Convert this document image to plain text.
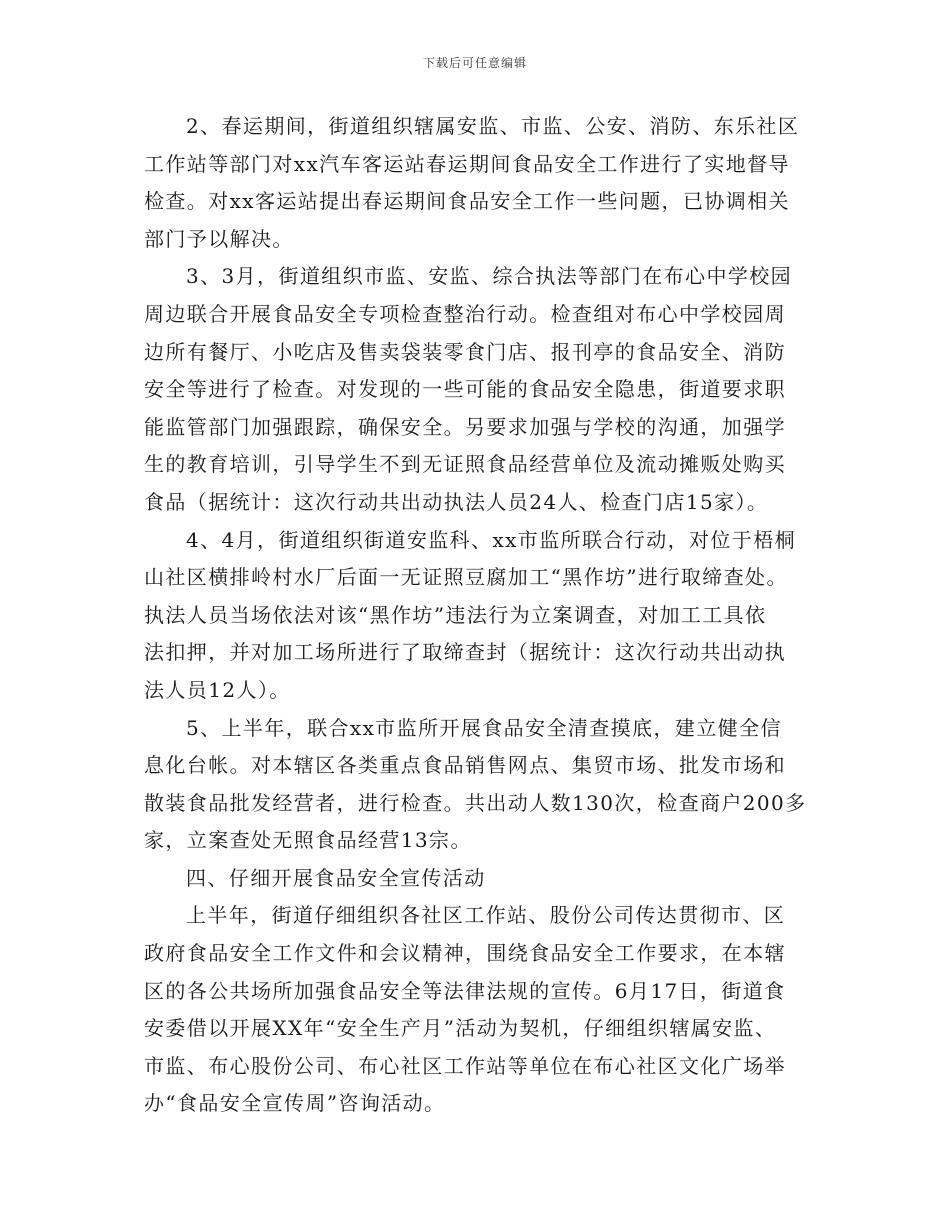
下载后可任意编辑
2、春运期间，街道组织辖属安监、市监、公安、消防、东乐社区
工作站等部门对xx汽车客运站春运期间食品安全工作进行了实地督导
检查。对xx客运站提出春运期间食品安全工作一些问题，已协调相关
部门予以解决。
3、3月，街道组织市监、安监、综合执法等部门在布心中学校园
周边联合开展食品安全专项检查整治行动。检查组对布心中学校园周
边所有餐厅、小吃店及售卖袋装零食门店、报刊亭的食品安全、消防
安全等进行了检查。对发现的一些可能的食品安全隐患，街道要求职
能监管部门加强跟踪，确保安全。另要求加强与学校的沟通，加强学
生的教育培训，引导学生不到无证照食品经营单位及流动摊贩处购买
食品（据统计：这次行动共出动执法人员24人、检查门店15家）。
4、4月，街道组织街道安监科、xx市监所联合行动，对位于梧桐
山社区横排岭村水厂后面一无证照豆腐加工“黑作坊”进行取缔查处。
执法人员当场依法对该“黑作坊”违法行为立案调查，对加工工具依
法扣押，并对加工场所进行了取缔查封（据统计：这次行动共出动执
法人员12人）。
5、上半年，联合xx市监所开展食品安全清查摸底，建立健全信
息化台帐。对本辖区各类重点食品销售网点、集贸市场、批发市场和
散装食品批发经营者，进行检查。共出动人数130次，检查商户200多
家，立案查处无照食品经营13宗。
四、仔细开展食品安全宣传活动
上半年，街道仔细组织各社区工作站、股份公司传达贯彻市、区
政府食品安全工作文件和会议精神，围绕食品安全工作要求，在本辖
区的各公共场所加强食品安全等法律法规的宣传。6月17日，街道食
安委借以开展XX年“安全生产月”活动为契机，仔细组织辖属安监、
市监、布心股份公司、布心社区工作站等单位在布心社区文化广场举
办“食品安全宣传周”咨询活动。
